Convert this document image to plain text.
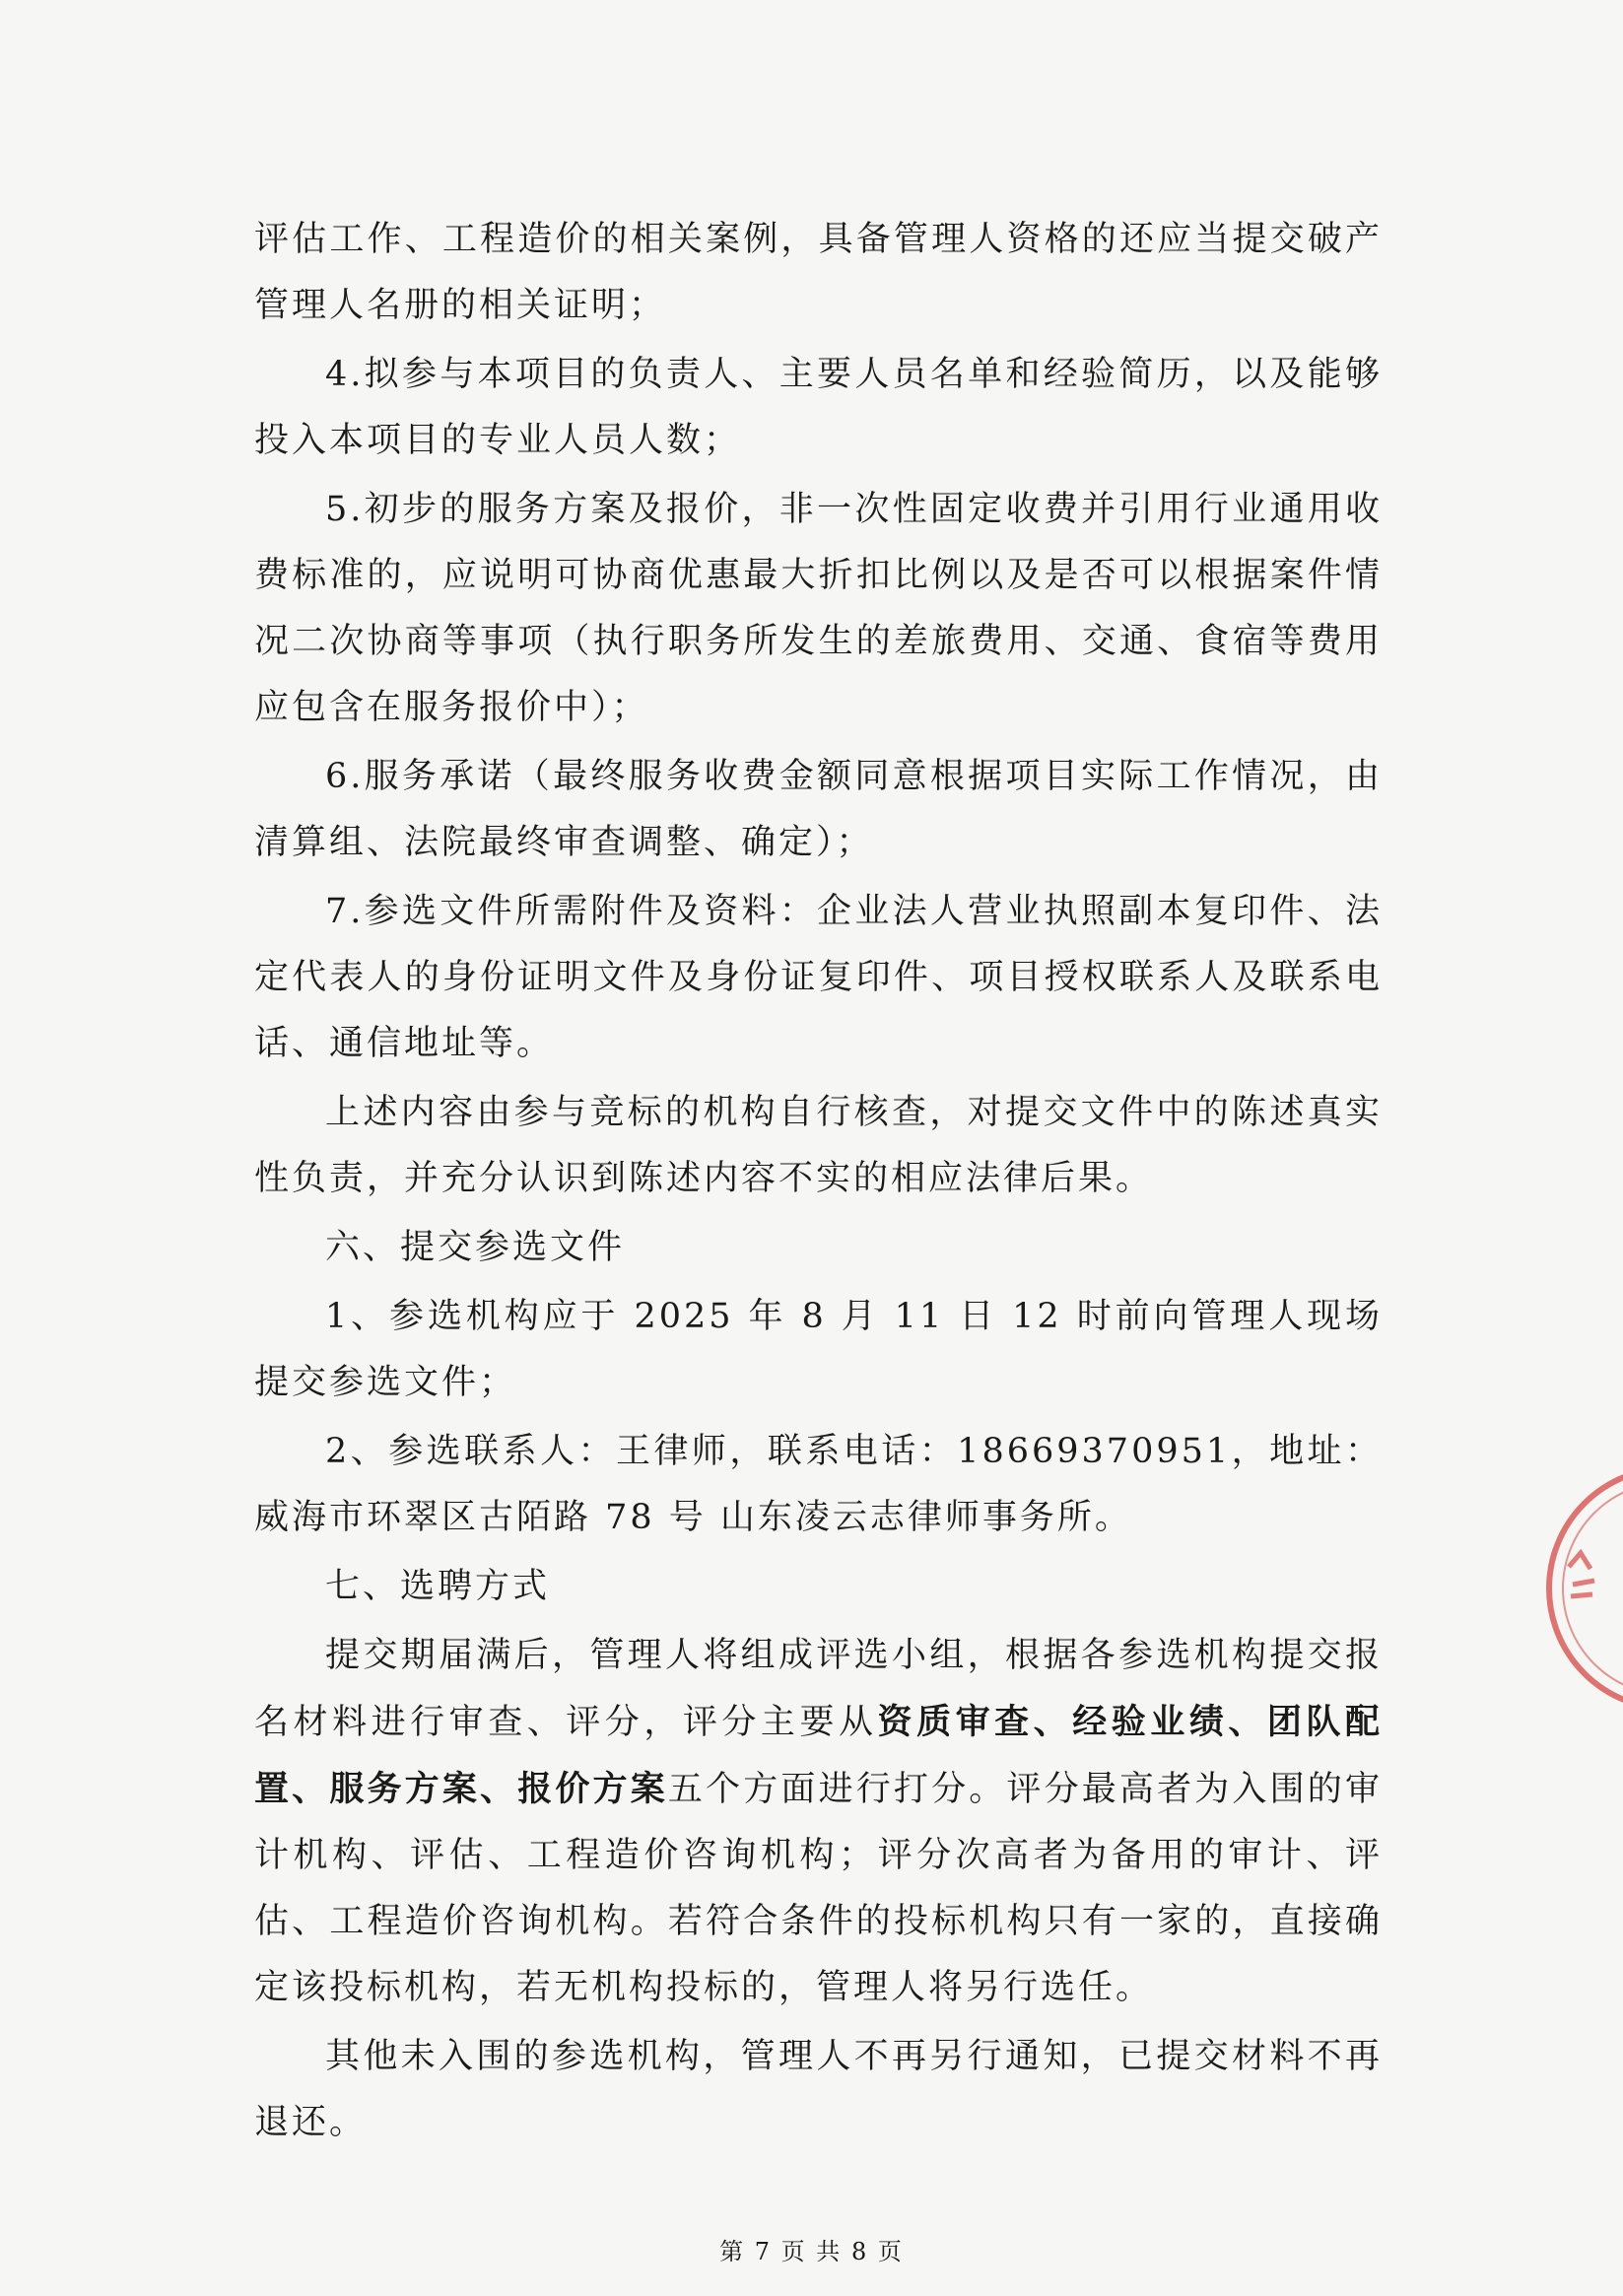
评估工作、工程造价的相关案例，具备管理人资格的还应当提交破产管理人名册的相关证明；

4.拟参与本项目的负责人、主要人员名单和经验简历，以及能够投入本项目的专业人员人数；

5.初步的服务方案及报价，非一次性固定收费并引用行业通用收费标准的，应说明可协商优惠最大折扣比例以及是否可以根据案件情况二次协商等事项（执行职务所发生的差旅费用、交通、食宿等费用应包含在服务报价中）；

6.服务承诺（最终服务收费金额同意根据项目实际工作情况，由清算组、法院最终审查调整、确定）；

7.参选文件所需附件及资料：企业法人营业执照副本复印件、法定代表人的身份证明文件及身份证复印件、项目授权联系人及联系电话、通信地址等。

上述内容由参与竞标的机构自行核查，对提交文件中的陈述真实性负责，并充分认识到陈述内容不实的相应法律后果。

六、提交参选文件

1、参选机构应于 2025 年 8 月 11 日 12 时前向管理人现场提交参选文件；

2、参选联系人：王律师，联系电话：18669370951，地址：威海市环翠区古陌路 78 号 山东凌云志律师事务所。

七、选聘方式

提交期届满后，管理人将组成评选小组，根据各参选机构提交报名材料进行审查、评分，评分主要从资质审查、经验业绩、团队配置、服务方案、报价方案五个方面进行打分。评分最高者为入围的审计机构、评估、工程造价咨询机构；评分次高者为备用的审计、评估、工程造价咨询机构。若符合条件的投标机构只有一家的，直接确定该投标机构，若无机构投标的，管理人将另行选任。

其他未入围的参选机构，管理人不再另行通知，已提交材料不再退还。

第 7 页 共 8 页
